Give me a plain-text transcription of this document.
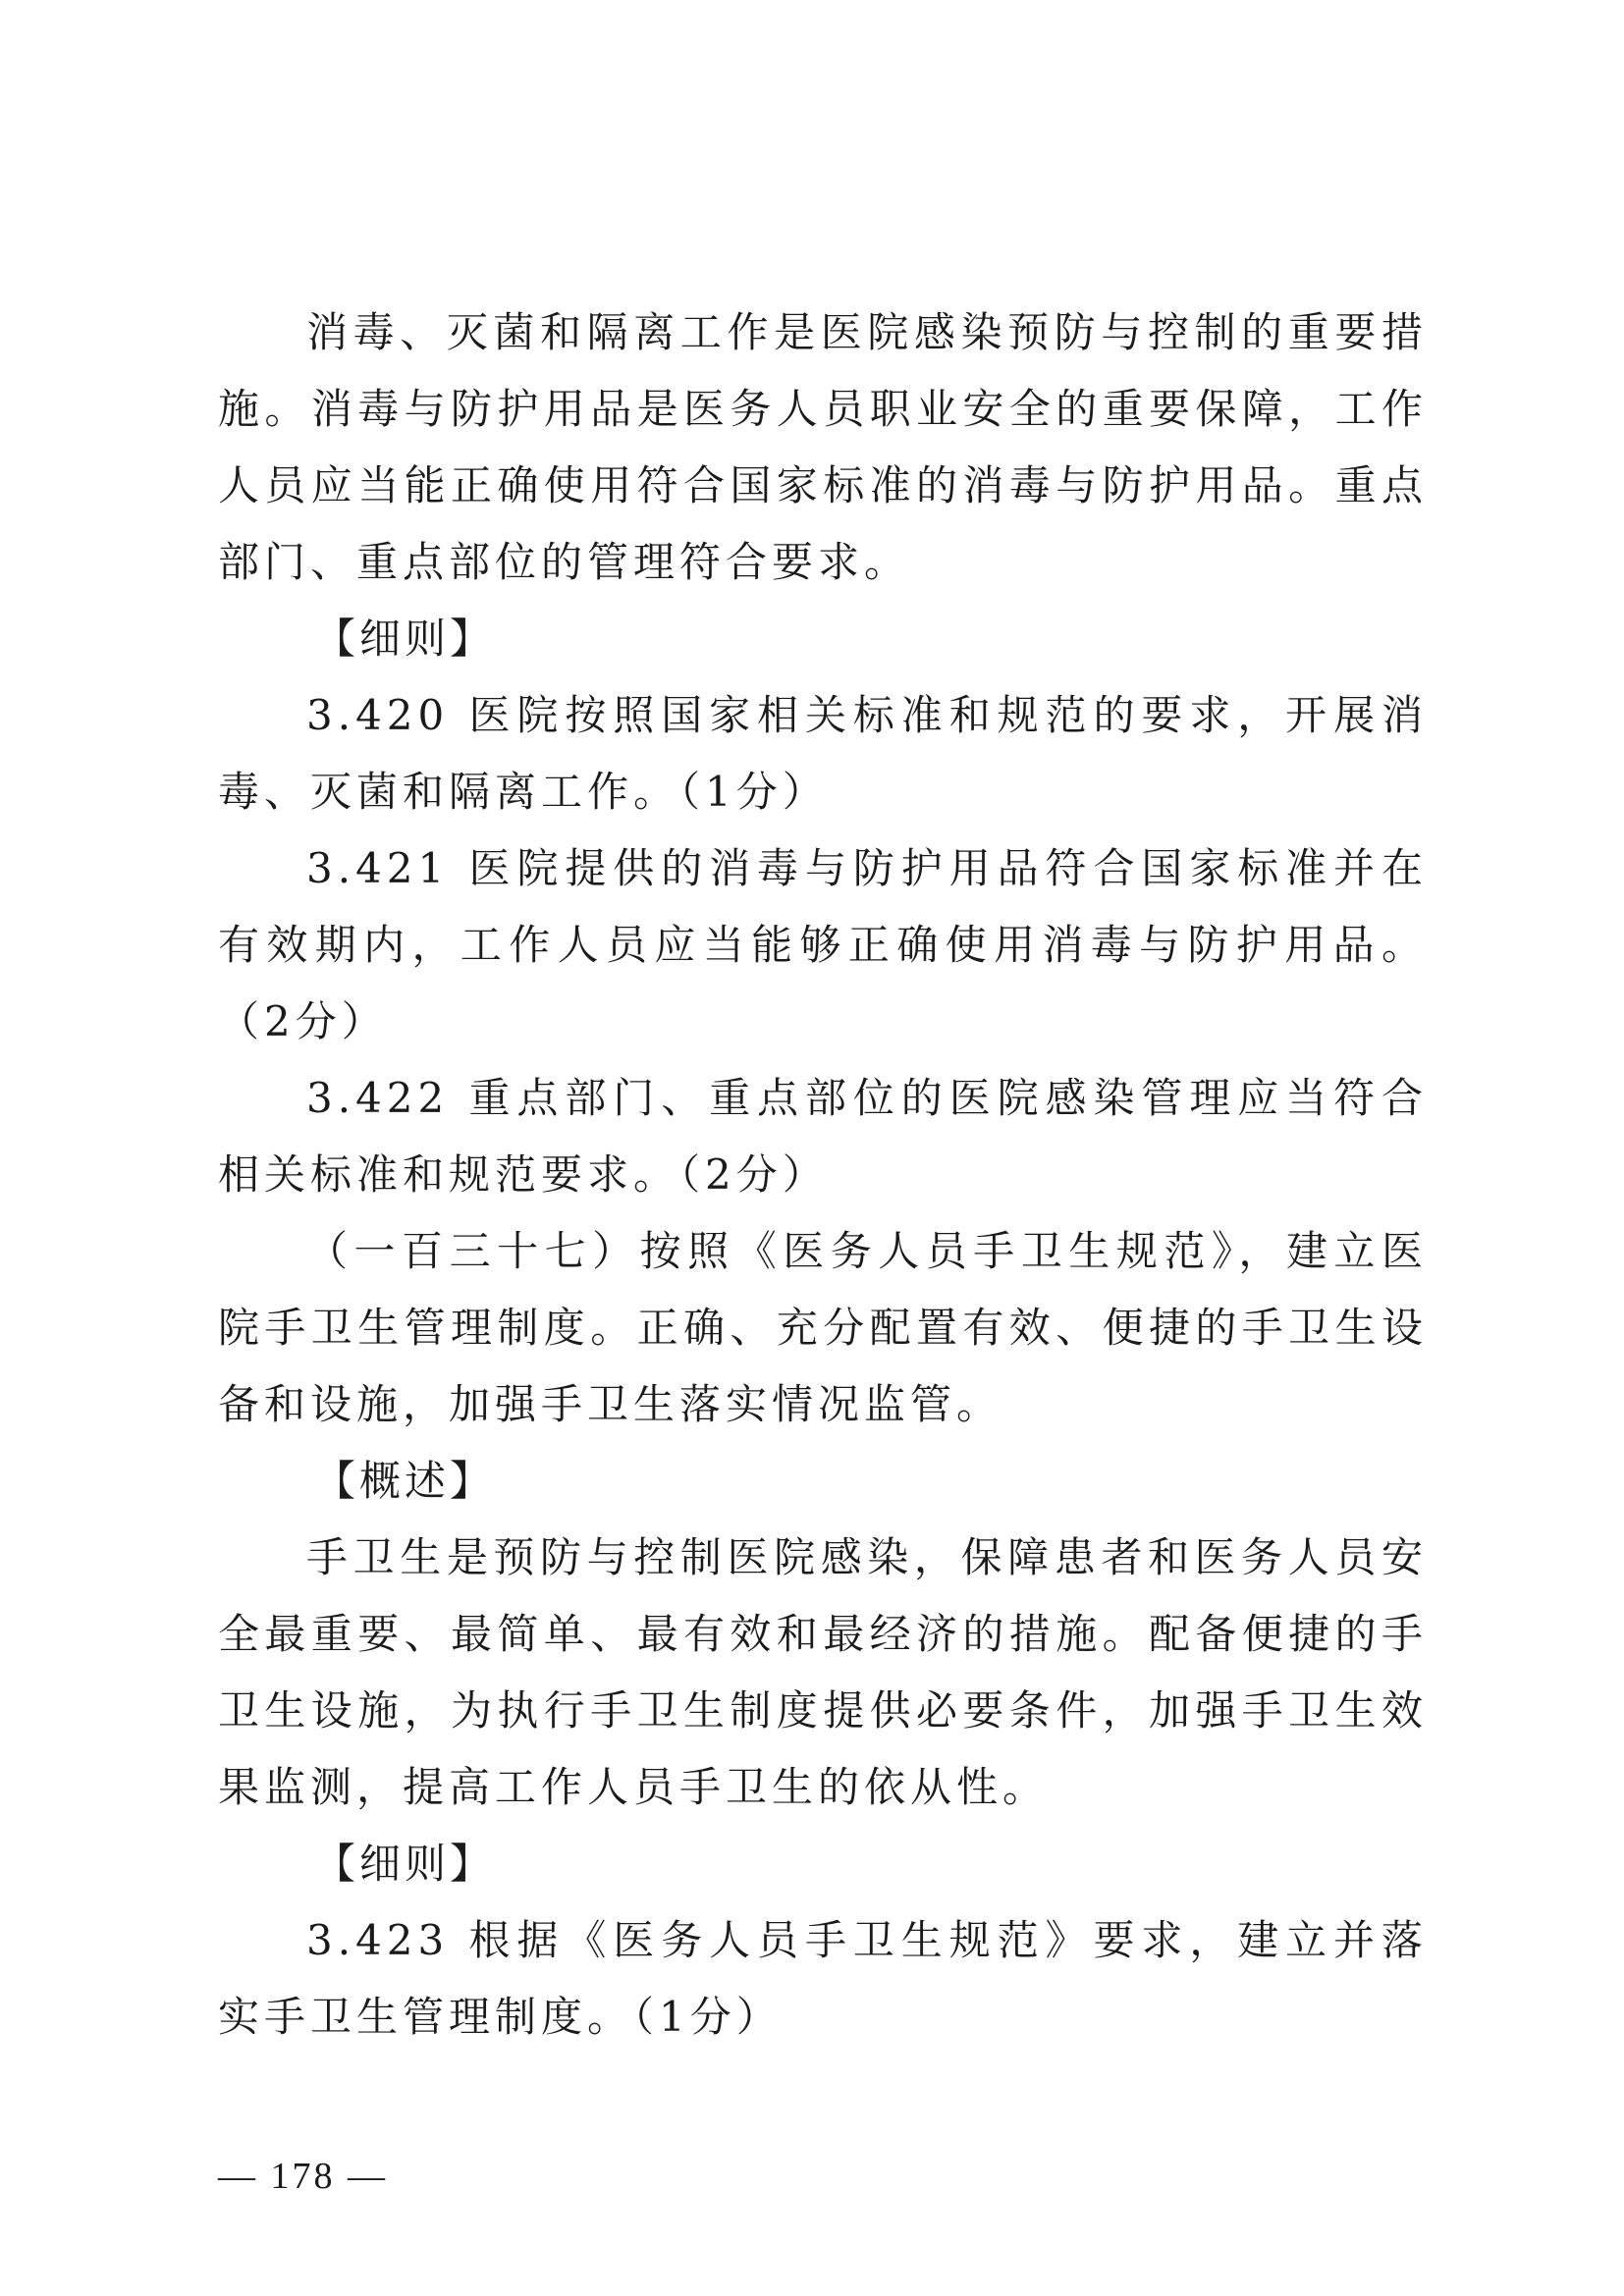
消毒、灭菌和隔离工作是医院感染预防与控制的重要措施。消毒与防护用品是医务人员职业安全的重要保障，工作人员应当能正确使用符合国家标准的消毒与防护用品。重点部门、重点部位的管理符合要求。

【细则】

3.420 医院按照国家相关标准和规范的要求，开展消毒、灭菌和隔离工作。（1分）

3.421 医院提供的消毒与防护用品符合国家标准并在有效期内，工作人员应当能够正确使用消毒与防护用品。（2分）

3.422 重点部门、重点部位的医院感染管理应当符合相关标准和规范要求。（2分）

（一百三十七）按照《医务人员手卫生规范》，建立医院手卫生管理制度。正确、充分配置有效、便捷的手卫生设备和设施，加强手卫生落实情况监管。

【概述】

手卫生是预防与控制医院感染，保障患者和医务人员安全最重要、最简单、最有效和最经济的措施。配备便捷的手卫生设施，为执行手卫生制度提供必要条件，加强手卫生效果监测，提高工作人员手卫生的依从性。

【细则】

3.423 根据《医务人员手卫生规范》要求，建立并落实手卫生管理制度。（1分）

— 178 —
